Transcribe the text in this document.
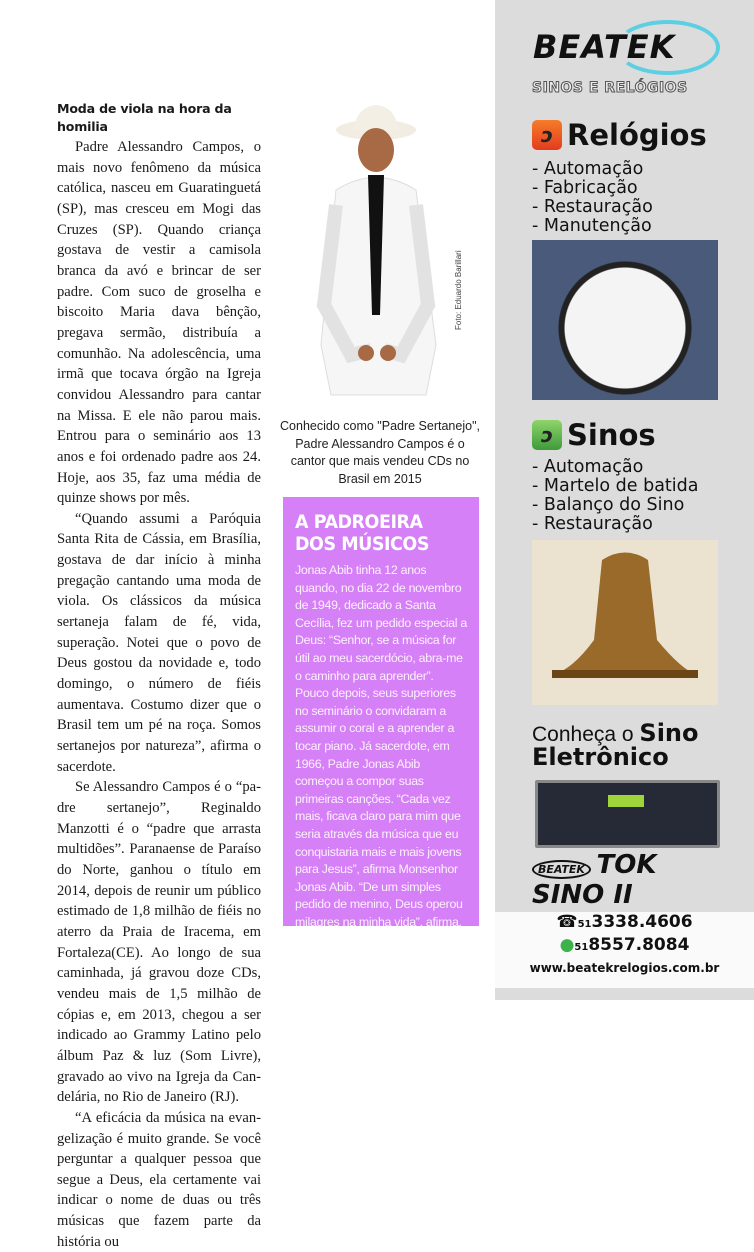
Moda de viola na hora da homilia

Padre Alessandro Campos, o mais novo fenômeno da música católica, nasceu em Guaratinguetá (SP), mas cresceu em Mogi das Cruzes (SP). Quando criança gostava de vestir a camisola branca da avó e brincar de ser padre. Com suco de groselha e biscoito Maria dava bênção, pregava sermão, distribuía a comunhão. Na adolescência, uma irmã que tocava órgão na Igreja convidou Alessandro para cantar na Missa. E ele não parou mais. Entrou para o seminário aos 13 anos e foi ordenado padre aos 24. Hoje, aos 35, faz uma média de quinze shows por mês.

“Quando assumi a Paróquia Santa Rita de Cássia, em Brasília, gostava de dar início à minha pregação cantando uma moda de viola. Os clássicos da música sertaneja falam de fé, vida, superação. Notei que o povo de Deus gostou da novidade e, todo domingo, o número de fiéis aumentava. Costumo dizer que o Brasil tem um pé na roça. Somos sertanejos por natureza”, afirma o sacerdote.

Se Alessandro Campos é o “padre sertanejo”, Reginaldo Manzotti é o “padre que arrasta multidões”. Paranaense de Paraíso do Norte, ganhou o título em 2014, depois de reunir um público estimado de 1,8 milhão de fiéis no aterro da Praia de Iracema, em Fortaleza(CE). Ao longo de sua caminhada, já gravou doze CDs, vendeu mais de 1,5 milhão de cópias e, em 2013, chegou a ser indicado ao Grammy Latino pelo álbum Paz & luz (Som Livre), gravado ao vivo na Igreja da Candelária, no Rio de Janeiro (RJ).

“A eficácia da música na evangelização é muito grande. Se você perguntar a qualquer pessoa que segue a Deus, ela certamente vai indicar o nome de duas ou três músicas que fazem parte da história ou

Foto: Eduardo Barillari
Conhecido como "Padre Sertanejo", Padre Alessandro Campos é o cantor que mais vendeu CDs no Brasil em 2015
A PADROEIRA
DOS MÚSICOS

Jonas Abib tinha 12 anos quando, no dia 22 de novembro de 1949, dedicado a Santa Cecília, fez um pedido especial a Deus: “Senhor, se a música for útil ao meu sacerdócio, abra-me o caminho para aprender”. Pouco depois, seus superiores no seminário o convidaram a assumir o coral e a aprender a tocar piano. Já sacerdote, em 1966, Padre Jonas Abib começou a compor suas primeiras canções. “Cada vez mais, ficava claro para mim que seria através da música que eu conquistaria mais e mais jovens para Jesus”, afirma Monsenhor Jonas Abib. “De um simples pedido de menino, Deus operou milagres na minha vida”, afirma.

BEATEK
SINOS E RELÓGIOS
ↄ Relógios
- Automação
- Fabricação
- Restauração
- Manutenção
ↄ Sinos
- Automação
- Martelo de batida
- Balanço do Sino
- Restauração
Conheça o Sino
Eletrônico
BEATEK TOK
SINO II
☎513338.4606
●518557.8084
www.beatekrelogios.com.br
